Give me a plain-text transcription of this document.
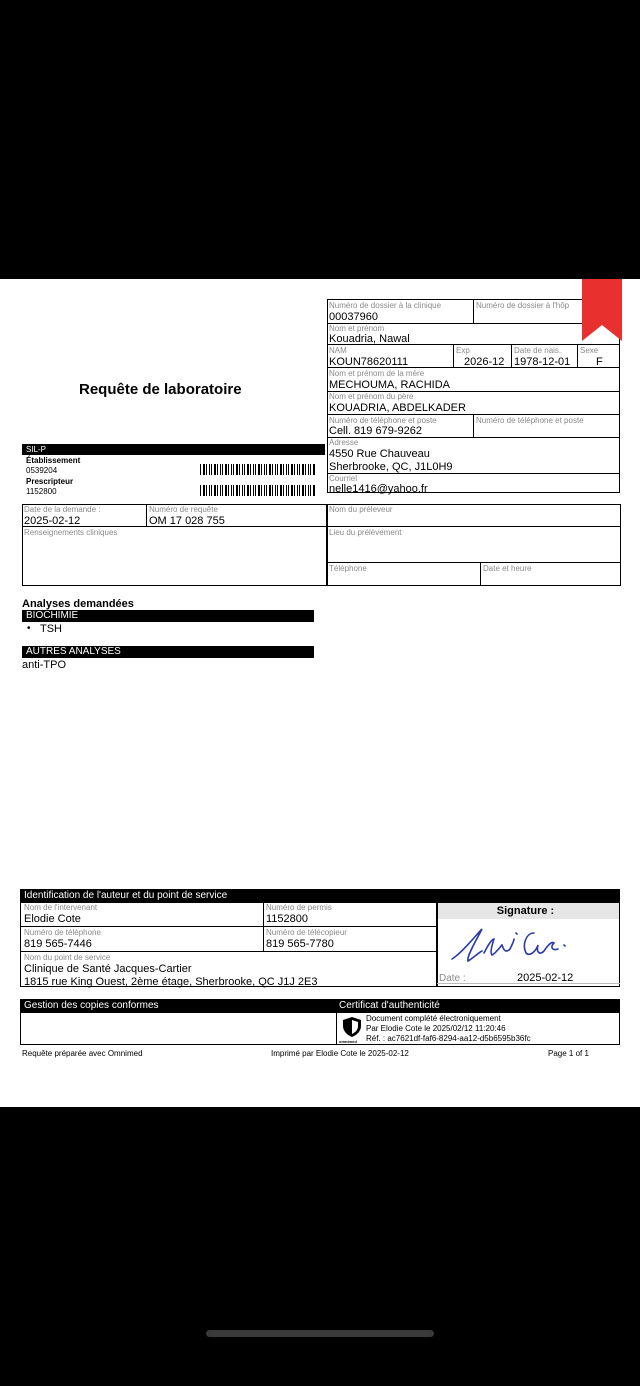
Requête de laboratoire
Numéro de dossier à la clinique
00037960
Numéro de dossier à l'hôp
Nom et prénom
Kouadria, Nawal
NAM
KOUN78620111
Exp
2026-12
Date de nais.
1978-12-01
Sexe
F
Nom et prénom de la mère
MECHOUMA, RACHIDA
Nom et prénom du père
KOUADRIA, ABDELKADER
Numéro de téléphone et poste
Cell. 819 679-9262
Numéro de téléphone et poste
Adresse
4550 Rue Chauveau
Sherbrooke, QC, J1L0H9
Courriel
nelle1416@yahoo.fr
SIL-P
Établissement
0539204
Prescripteur
1152800
Date de la demande :
2025-02-12
Numéro de requête
OM 17 028 755
Renseignements cliniques
Nom du préleveur
Lieu du prélèvement
Téléphone	Date et heure
Analyses demandées
BIOCHIMIE
• TSH
AUTRES ANALYSES
anti-TPO
Identification de l'auteur et du point de service
Nom de l'intervenant
Elodie Cote
Numéro de permis
1152800
Numéro de téléphone
819 565-7446
Numéro de télécopieur
819 565-7780
Nom du point de service
Clinique de Santé Jacques-Cartier
1815 rue King Ouest, 2ème étage, Sherbrooke, QC J1J 2E3
Signature :
Date :	2025-02-12
Gestion des copies conformes	Certificat d'authenticité
omnimed
Document complété électroniquement
Par Elodie Cote le 2025/02/12 11:20:46
Réf. : ac7621df-faf6-8294-aa12-d5b6595b36fc
Requête préparée avec Omnimed	Imprimé par Elodie Cote le 2025-02-12	Page 1 of 1
